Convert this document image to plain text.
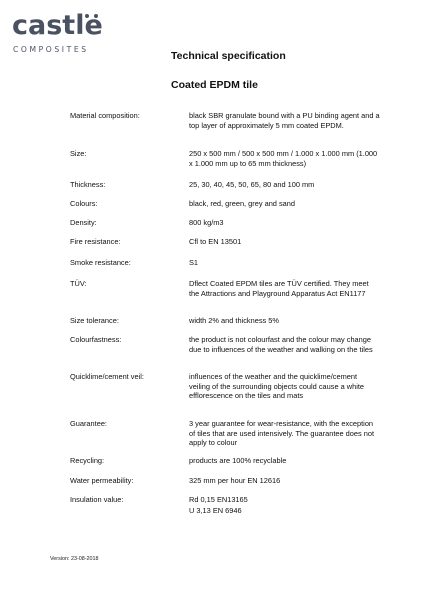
castle
COMPOSITES
Technical specification
Coated EPDM tile
Material composition:	black SBR granulate bound with a PU binding agent and a top layer of approximately 5 mm coated EPDM.
Size:	250 x 500 mm / 500 x 500 mm / 1.000 x 1.000 mm (1.000 x 1.000 mm up to 65 mm thickness)
Thickness:	25, 30, 40, 45, 50, 65, 80 and 100 mm
Colours:	black, red, green, grey and sand
Density:	800 kg/m3
Fire resistance:	Cfl to EN 13501
Smoke resistance:	S1
TÜV:	Dflect Coated EPDM tiles are TÜV certified. They meet the Attractions and Playground Apparatus Act EN1177
Size tolerance:	width 2% and thickness 5%
Colourfastness:	the product is not colourfast and the colour may change due to influences of the weather and walking on the tiles
Quicklime/cement veil:	influences of the weather and the quicklime/cement veiling of the surrounding objects could cause a white efflorescence on the tiles and mats
Guarantee:	3 year guarantee for wear-resistance, with the exception of tiles that are used intensively. The guarantee does not apply to colour
Recycling:	products are 100% recyclable
Water permeability:	325 mm per hour EN 12616
Insulation value:	Rd 0,15 EN13165
	U 3,13 EN 6946
Version: 23-08-2018
